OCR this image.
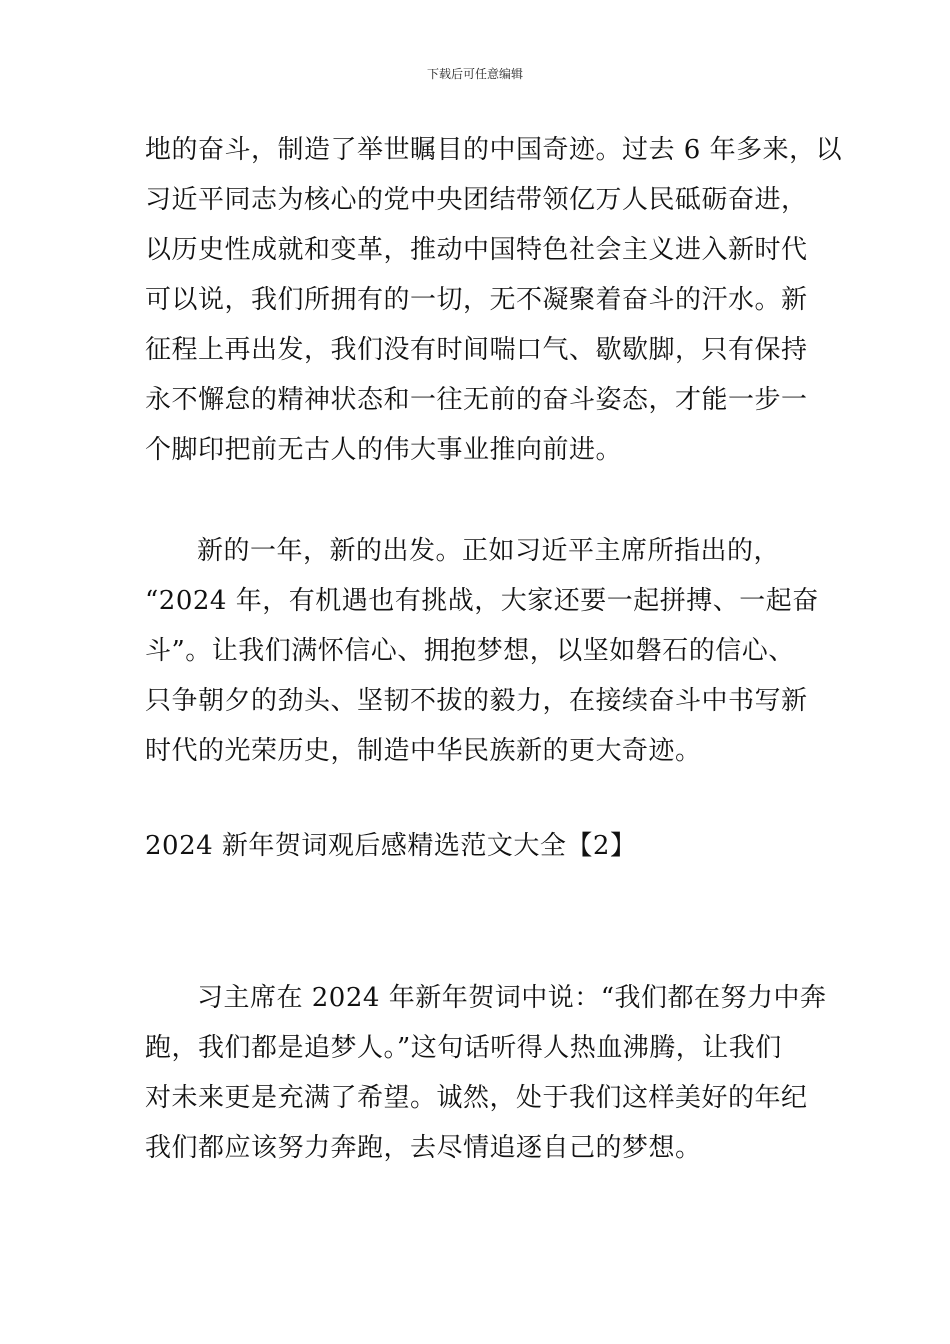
下载后可任意编辑
地的奋斗，制造了举世瞩目的中国奇迹。过去 6 年多来，以
习近平同志为核心的党中央团结带领亿万人民砥砺奋进，
以历史性成就和变革，推动中国特色社会主义进入新时代
可以说，我们所拥有的一切，无不凝聚着奋斗的汗水。新
征程上再出发，我们没有时间喘口气、歇歇脚，只有保持
永不懈怠的精神状态和一往无前的奋斗姿态，才能一步一
个脚印把前无古人的伟大事业推向前进。
新的一年，新的出发。正如习近平主席所指出的，
“2024 年，有机遇也有挑战，大家还要一起拼搏、一起奋
斗”。让我们满怀信心、拥抱梦想，以坚如磐石的信心、
只争朝夕的劲头、坚韧不拔的毅力，在接续奋斗中书写新
时代的光荣历史，制造中华民族新的更大奇迹。
2024 新年贺词观后感精选范文大全【2】
习主席在 2024 年新年贺词中说：“我们都在努力中奔
跑，我们都是追梦人。”这句话听得人热血沸腾，让我们
对未来更是充满了希望。诚然，处于我们这样美好的年纪
我们都应该努力奔跑，去尽情追逐自己的梦想。
